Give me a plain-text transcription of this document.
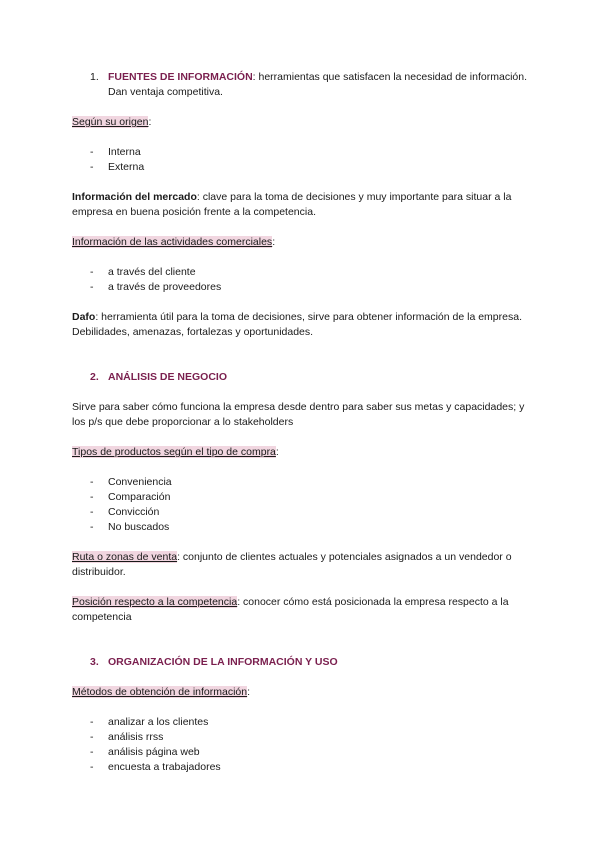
1. FUENTES DE INFORMACIÓN: herramientas que satisfacen la necesidad de información. Dan ventaja competitiva.

Según su origen:

- Interna
- Externa

Información del mercado: clave para la toma de decisiones y muy importante para situar a la empresa en buena posición frente a la competencia.

Información de las actividades comerciales:

- a través del cliente
- a través de proveedores

Dafo: herramienta útil para la toma de decisiones, sirve para obtener información de la empresa. Debilidades, amenazas, fortalezas y oportunidades.

2. ANÁLISIS DE NEGOCIO

Sirve para saber cómo funciona la empresa desde dentro para saber sus metas y capacidades; y los p/s que debe proporcionar a lo stakeholders

Tipos de productos según el tipo de compra:

- Conveniencia
- Comparación
- Convicción
- No buscados

Ruta o zonas de venta: conjunto de clientes actuales y potenciales asignados a un vendedor o distribuidor.

Posición respecto a la competencia: conocer cómo está posicionada la empresa respecto a la competencia

3. ORGANIZACIÓN DE LA INFORMACIÓN Y USO

Métodos de obtención de información:

- analizar a los clientes
- análisis rrss
- análisis página web
- encuesta a trabajadores
